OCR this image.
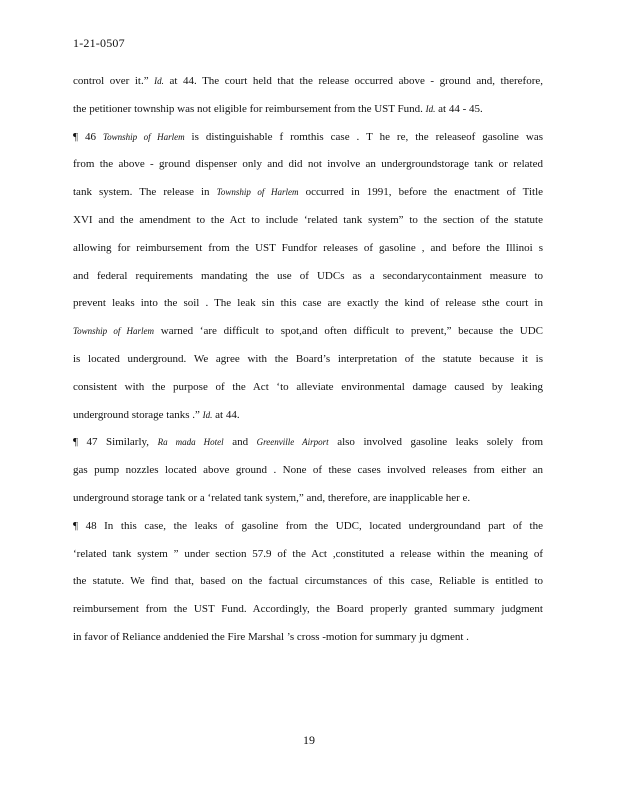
1-21-0507
control over it.” Id. at 44. The court held that the release occurred above - ground and, therefore,
the petitioner township was not eligible for reimbursement from the UST Fund. Id. at 44 - 45.
¶ 46 Township of Harlem is distinguishable f romthis case . T he re, the releaseof gasoline was
from the above - ground dispenser only and did not involve an undergroundstorage tank or related
tank system. The release in Township of Harlem occurred in 1991, before the enactment of Title
XVI and the amendment to the Act to include ‘related tank system” to the section of the statute
allowing for reimbursement from the UST Fundfor releases of gasoline , and before the Illinoi s
and federal requirements mandating the use of UDCs as a secondarycontainment measure to
prevent leaks into the soil . The leak sin this case are exactly the kind of release sthe court in
Township of Harlem warned ‘are difficult to spot,and often difficult to prevent,” because the UDC
is located underground. We agree with the Board’s interpretation of the statute because it is
consistent with the purpose of the Act ‘to alleviate environmental damage caused by leaking
underground storage tanks .” Id. at 44.
¶ 47 Similarly, Ra mada Hotel and Greenville Airport also involved gasoline leaks solely from
gas pump nozzles located above ground . None of these cases involved releases from either an
underground storage tank or a ‘related tank system,” and, therefore, are inapplicable her e.
¶ 48 In this case, the leaks of gasoline from the UDC, located undergroundand part of the
‘related tank system ” under section 57.9 of the Act ,constituted a release within the meaning of
the statute. We find that, based on the factual circumstances of this case, Reliable is entitled to
reimbursement from the UST Fund. Accordingly, the Board properly granted summary judgment
in favor of Reliance anddenied the Fire Marshal ’s cross -motion for summary ju dgment .
19
